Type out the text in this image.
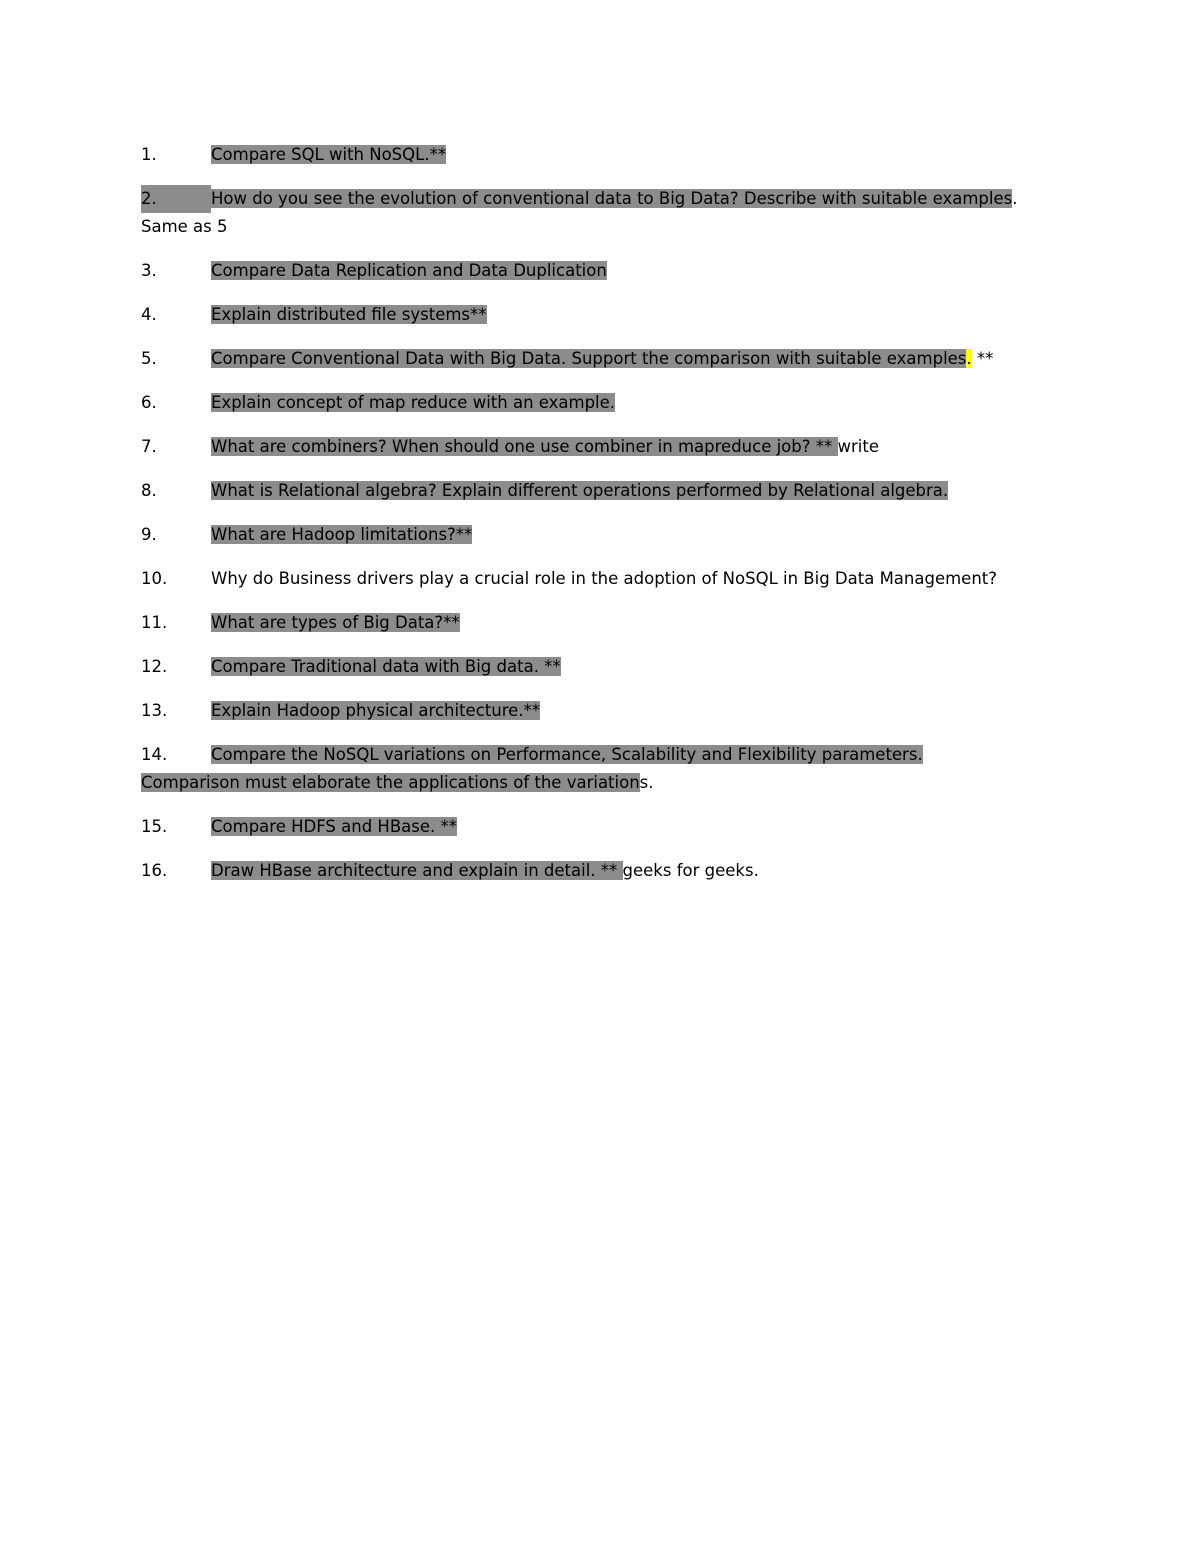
1.	Compare SQL with NoSQL.**
2.	How do you see the evolution of conventional data to Big Data? Describe with suitable examples.
Same as 5
3.	Compare Data Replication and Data Duplication
4.	Explain distributed file systems**
5.	Compare Conventional Data with Big Data. Support the comparison with suitable examples. **
6.	Explain concept of map reduce with an example.
7.	What are combiners? When should one use combiner in mapreduce job? ** write
8.	What is Relational algebra? Explain different operations performed by Relational algebra.
9.	What are Hadoop limitations?**
10.	Why do Business drivers play a crucial role in the adoption of NoSQL in Big Data Management?
11.	What are types of Big Data?**
12.	Compare Traditional data with Big data. **
13.	Explain Hadoop physical architecture.**
14.	Compare the NoSQL variations on Performance, Scalability and Flexibility parameters.
Comparison must elaborate the applications of the variations.
15.	Compare HDFS and HBase. **
16.	Draw HBase architecture and explain in detail. ** geeks for geeks.
